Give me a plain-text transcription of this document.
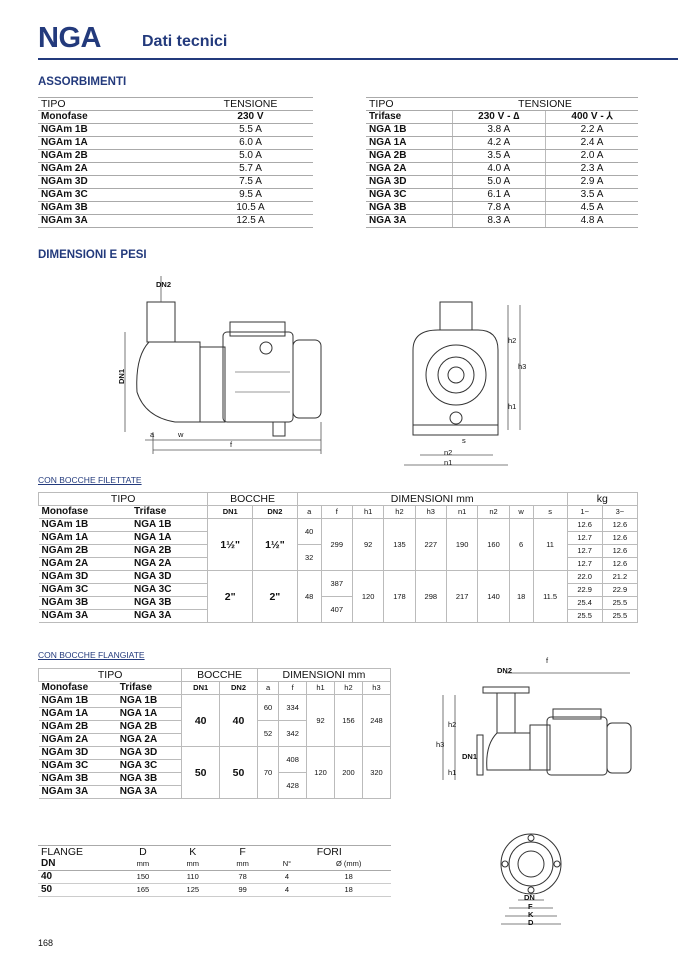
NGA	Dati tecnici
ASSORBIMENTI
TIPO	TENSIONE
Monofase	230 V
NGAm 1B	5.5 A
NGAm 1A	6.0 A
NGAm 2B	5.0 A
NGAm 2A	5.7 A
NGAm 3D	7.5 A
NGAm 3C	9.5 A
NGAm 3B	10.5 A
NGAm 3A	12.5 A
TIPO	TENSIONE	
Trifase	230 V - ∆	400 V - ⅄
NGA 1B	3.8 A	2.2 A
NGA 1A	4.2 A	2.4 A
NGA 2B	3.5 A	2.0 A
NGA 2A	4.0 A	2.3 A
NGA 3D	5.0 A	2.9 A
NGA 3C	6.1 A	3.5 A
NGA 3B	7.8 A	4.5 A
NGA 3A	8.3 A	4.8 A
DIMENSIONI E PESI
DN2
DN1
f
w
a
h2
h3
h1
s
n2
n1
CON BOCCHE FILETTATE
TIPO		BOCCHE		DIMENSIONI mm									kg	
Monofase	Trifase	DN1	DN2	a	f	h1	h2	h3	n1	n2	w	s	1~	3~
NGAm 1B	NGA 1B	1½"	1½"	40	299	92	135	227	190	160	6	11	12.6	12.6
NGAm 1A	NGA 1A												12.7	12.6
NGAm 2B	NGA 2B			32									12.7	12.6
NGAm 2A	NGA 2A												12.7	12.6
NGAm 3D	NGA 3D	2"	2"	48	387	120	178	298	217	140	18	11.5	22.0	21.2
NGAm 3C	NGA 3C												22.9	22.9
NGAm 3B	NGA 3B				407								25.4	25.5
NGAm 3A	NGA 3A												25.5	25.5
CON BOCCHE FLANGIATE
TIPO		BOCCHE		DIMENSIONI mm				
Monofase	Trifase	DN1	DN2	a	f	h1	h2	h3
NGAm 1B	NGA 1B	40	40	60	334	92	156	248
NGAm 1A	NGA 1A							
NGAm 2B	NGA 2B			52	342			
NGAm 2A	NGA 2A							
NGAm 3D	NGA 3D	50	50	70	408	120	200	320
NGAm 3C	NGA 3C							
NGAm 3B	NGA 3B				428			
NGAm 3A	NGA 3A							
DN2
f
h2
h3
h1
DN1
FLANGE	D	K	F	FORI	
DN	mm	mm	mm	N°	Ø (mm)
40	150	110	78	4	18
50	165	125	99	4	18
DN
F
K
D
168
